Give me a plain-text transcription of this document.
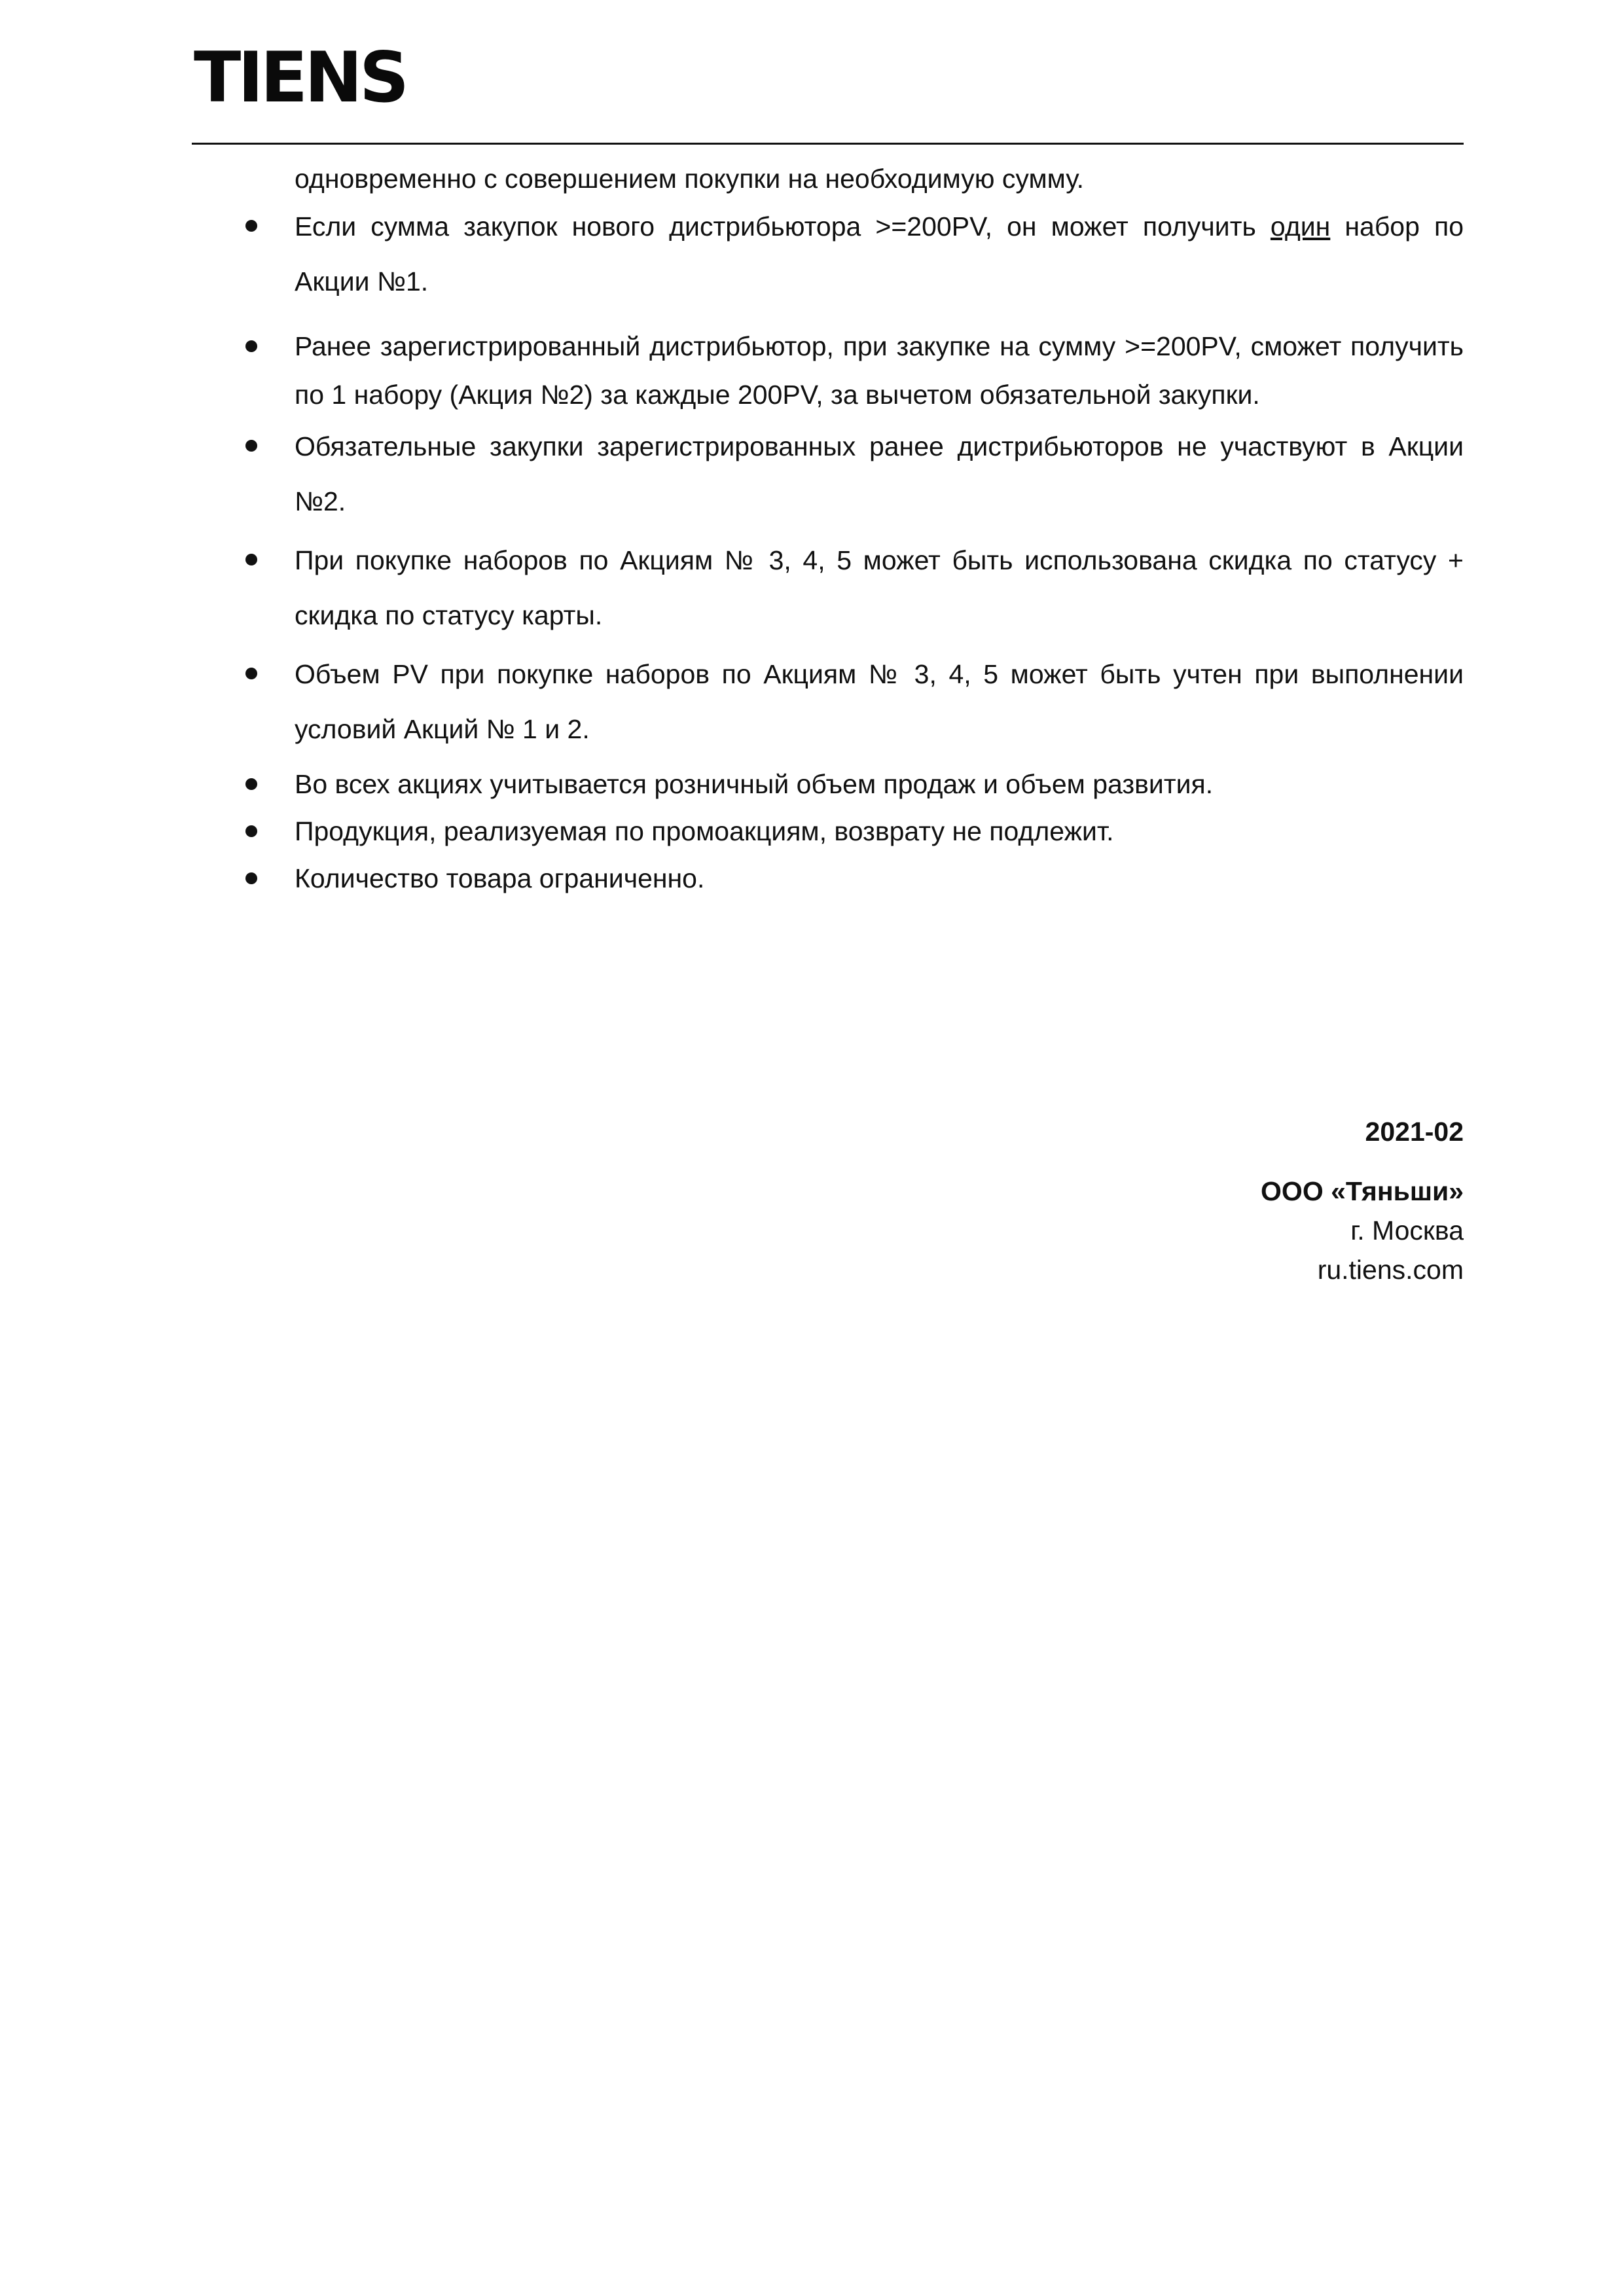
TIENS
одновременно с совершением покупки на необходимую сумму.
Если сумма закупок нового дистрибьютора >=200PV, он может получить один набор по Акции №1.
Ранее зарегистрированный дистрибьютор, при закупке на сумму >=200PV, сможет получить по 1 набору (Акция №2) за каждые 200PV, за вычетом обязательной закупки.
Обязательные закупки зарегистрированных ранее дистрибьюторов не участвуют в Акции №2.
При покупке наборов по Акциям № 3, 4, 5 может быть использована скидка по статусу + скидка по статусу карты.
Объем PV при покупке наборов по Акциям № 3, 4, 5 может быть учтен при выполнении условий Акций № 1 и 2.
Во всех акциях учитывается розничный объем продаж и объем развития.
Продукция, реализуемая по промоакциям, возврату не подлежит.
Количество товара ограниченно.
2021-02
ООО «Тяньши»
г. Москва
ru.tiens.com
